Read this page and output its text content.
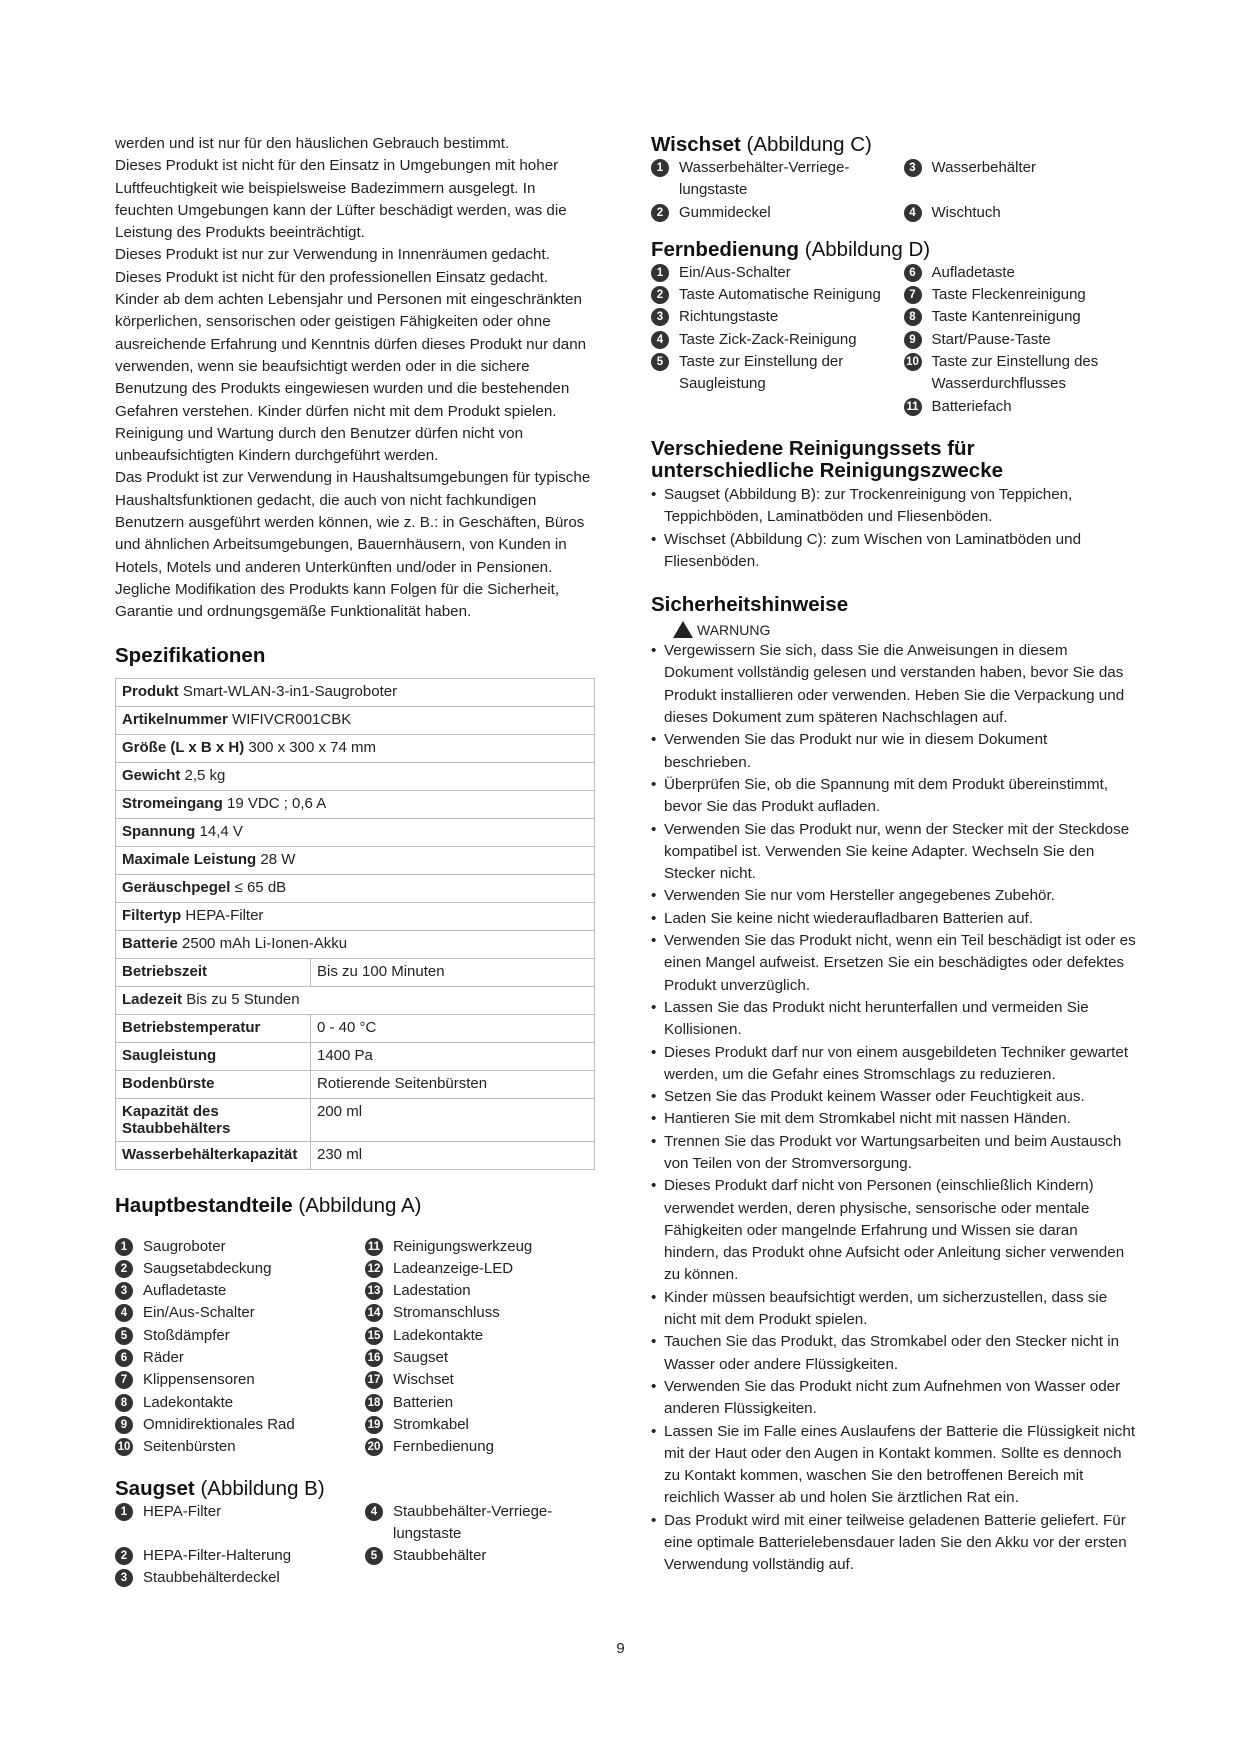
werden und ist nur für den häuslichen Gebrauch bestimmt.

Dieses Produkt ist nicht für den Einsatz in Umgebungen mit hoher Luftfeuchtigkeit wie beispielsweise Badezimmern ausgelegt. In feuchten Umgebungen kann der Lüfter beschädigt werden, was die Leistung des Produkts beeinträchtigt.

Dieses Produkt ist nur zur Verwendung in Innenräumen gedacht.

Dieses Produkt ist nicht für den professionellen Einsatz gedacht.

Kinder ab dem achten Lebensjahr und Personen mit eingeschränkten körperlichen, sensorischen oder geistigen Fähigkeiten oder ohne ausreichende Erfahrung und Kenntnis dürfen dieses Produkt nur dann verwenden, wenn sie beaufsichtigt werden oder in die sichere Benutzung des Produkts eingewiesen wurden und die bestehenden Gefahren verstehen. Kinder dürfen nicht mit dem Produkt spielen. Reinigung und Wartung durch den Benutzer dürfen nicht von unbeaufsichtigten Kindern durchgeführt werden.

Das Produkt ist zur Verwendung in Haushaltsumgebungen für typische Haushaltsfunktionen gedacht, die auch von nicht fachkundigen Benutzern ausgeführt werden können, wie z. B.: in Geschäften, Büros und ähnlichen Arbeitsumgebungen, Bauernhäusern, von Kunden in Hotels, Motels und anderen Unterkünften und/oder in Pensionen.

Jegliche Modifikation des Produkts kann Folgen für die Sicherheit, Garantie und ordnungsgemäße Funktionalität haben.

Spezifikationen
Produkt Smart-WLAN-3-in1-Saugroboter	
Artikelnummer WIFIVCR001CBK	
Größe (L x B x H) 300 x 300 x 74 mm	
Gewicht 2,5 kg	
Stromeingang 19 VDC ; 0,6 A	
Spannung 14,4 V	
Maximale Leistung 28 W	
Geräuschpegel ≤ 65 dB	
Filtertyp HEPA-Filter	
Batterie 2500 mAh Li-Ionen-Akku	
Betriebszeit	Bis zu 100 Minuten
Ladezeit Bis zu 5 Stunden	
Betriebstemperatur	0 - 40 °C
Saugleistung	1400 Pa
Bodenbürste	Rotierende Seitenbürsten
Kapazität des Staubbehälters	200 ml
Wasserbehälterkapazität	230 ml
Hauptbestandteile (Abbildung A)
1	Saugroboter	11 Reinigungswerkzeug
2	Saugsetabdeckung	12 Ladeanzeige-LED
3	Aufladetaste	13 Ladestation
4	Ein/Aus-Schalter	14 Stromanschluss
5	Stoßdämpfer	15 Ladekontakte
6	Räder	16 Saugset
7	Klippensensoren	17 Wischset
8	Ladekontakte	18 Batterien
9	Omnidirektionales Rad	19 Stromkabel
10 Seitenbürsten	20 Fernbedienung
Saugset (Abbildung B)
1	HEPA-Filter	4	Staubbehälter-Verriege-lungstaste
2	HEPA-Filter-Halterung	5	Staubbehälter
3	Staubbehälterdeckel
Wischset (Abbildung C)
1	Wasserbehälter-Verriege-lungstaste
3	Wasserbehälter
2	Gummideckel	4	Wischtuch
Fernbedienung (Abbildung D)
1	Ein/Aus-Schalter	6	Aufladetaste
2	Taste Automatische Reinigung	7	Taste Fleckenreinigung
3	Richtungstaste	8	Taste Kantenreinigung
4	Taste Zick-Zack-Reinigung	9	Start/Pause-Taste
5	Taste zur Einstellung der Saugleistung
10 Taste zur Einstellung des Wasserdurchflusses
11 Batteriefach
Verschiedene Reinigungssets für unterschiedliche Reinigungszwecke
• Saugset (Abbildung B): zur Trockenreinigung von Teppichen, Teppichböden, Laminatböden und Fliesenböden.
• Wischset (Abbildung C): zum Wischen von Laminatböden und Fliesenböden.
Sicherheitshinweise
WARNUNG
• Vergewissern Sie sich, dass Sie die Anweisungen in diesem Dokument vollständig gelesen und verstanden haben, bevor Sie das Produkt installieren oder verwenden. Heben Sie die Verpackung und dieses Dokument zum späteren Nachschlagen auf.
• Verwenden Sie das Produkt nur wie in diesem Dokument beschrieben.
• Überprüfen Sie, ob die Spannung mit dem Produkt übereinstimmt, bevor Sie das Produkt aufladen.
• Verwenden Sie das Produkt nur, wenn der Stecker mit der Steckdose kompatibel ist. Verwenden Sie keine Adapter. Wechseln Sie den Stecker nicht.
• Verwenden Sie nur vom Hersteller angegebenes Zubehör.
• Laden Sie keine nicht wiederaufladbaren Batterien auf.
• Verwenden Sie das Produkt nicht, wenn ein Teil beschädigt ist oder es einen Mangel aufweist. Ersetzen Sie ein beschädigtes oder defektes Produkt unverzüglich.
• Lassen Sie das Produkt nicht herunterfallen und vermeiden Sie Kollisionen.
• Dieses Produkt darf nur von einem ausgebildeten Techniker gewartet werden, um die Gefahr eines Stromschlags zu reduzieren.
• Setzen Sie das Produkt keinem Wasser oder Feuchtigkeit aus.
• Hantieren Sie mit dem Stromkabel nicht mit nassen Händen.
• Trennen Sie das Produkt vor Wartungsarbeiten und beim Austausch von Teilen von der Stromversorgung.
• Dieses Produkt darf nicht von Personen (einschließlich Kindern) verwendet werden, deren physische, sensorische oder mentale Fähigkeiten oder mangelnde Erfahrung und Wissen sie daran hindern, das Produkt ohne Aufsicht oder Anleitung sicher verwenden zu können.
• Kinder müssen beaufsichtigt werden, um sicherzustellen, dass sie nicht mit dem Produkt spielen.
• Tauchen Sie das Produkt, das Stromkabel oder den Stecker nicht in Wasser oder andere Flüssigkeiten.
• Verwenden Sie das Produkt nicht zum Aufnehmen von Wasser oder anderen Flüssigkeiten.
• Lassen Sie im Falle eines Auslaufens der Batterie die Flüssigkeit nicht mit der Haut oder den Augen in Kontakt kommen. Sollte es dennoch zu Kontakt kommen, waschen Sie den betroffenen Bereich mit reichlich Wasser ab und holen Sie ärztlichen Rat ein.
• Das Produkt wird mit einer teilweise geladenen Batterie geliefert. Für eine optimale Batterielebensdauer laden Sie den Akku vor der ersten Verwendung vollständig auf.
9
